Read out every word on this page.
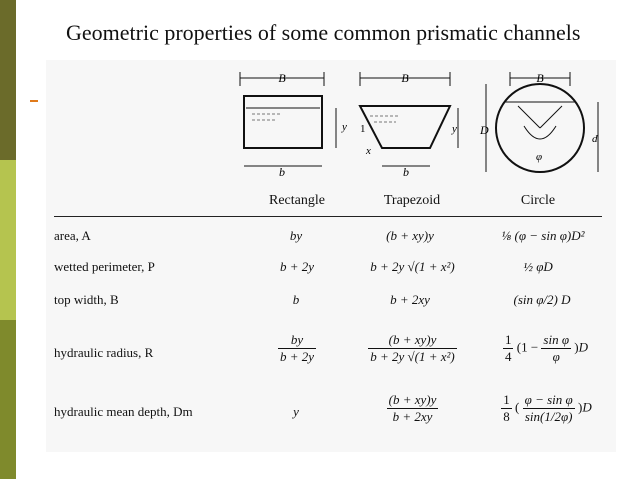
Geometric properties of some common prismatic channels
B
y
b
B
1
x
y
b
B
φ
D
d
Rectangle	Trapezoid	Circle
area, A	by	(b + xy)y	⅛ (φ − sin φ)D²
wetted perimeter, P	b + 2y	b + 2y √(1 + x²)	½ φD
top width, B	b	b + 2xy	(sin φ/2) D
hydraulic radius, R	$\frac{by}{b + 2y}$	$\frac{(b + xy)y}{\text{b + 2y √(1 + x²)}}$	$\frac{1}{4} (1 - \frac{\text{sin φ}}{\varphi} )D$
hydraulic mean depth, Dm	y	$\frac{(b + xy)y}{b + 2xy}$	$\frac{1}{8}$ ( $\frac{\text{φ − sin φ}}{\sin(1/2\varphi)} )D$
